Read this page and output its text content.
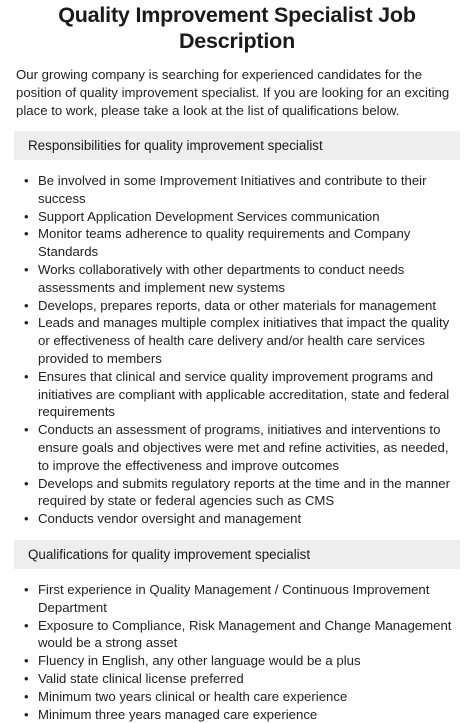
Quality Improvement Specialist Job Description

Our growing company is searching for experienced candidates for the position of quality improvement specialist. If you are looking for an exciting place to work, please take a look at the list of qualifications below.

Responsibilities for quality improvement specialist
• Be involved in some Improvement Initiatives and contribute to their success
• Support Application Development Services communication
• Monitor teams adherence to quality requirements and Company Standards
• Works collaboratively with other departments to conduct needs assessments and implement new systems
• Develops, prepares reports, data or other materials for management
• Leads and manages multiple complex initiatives that impact the quality or effectiveness of health care delivery and/or health care services provided to members
• Ensures that clinical and service quality improvement programs and initiatives are compliant with applicable accreditation, state and federal requirements
• Conducts an assessment of programs, initiatives and interventions to ensure goals and objectives were met and refine activities, as needed, to improve the effectiveness and improve outcomes
• Develops and submits regulatory reports at the time and in the manner required by state or federal agencies such as CMS
• Conducts vendor oversight and management
Qualifications for quality improvement specialist
• First experience in Quality Management / Continuous Improvement Department
• Exposure to Compliance, Risk Management and Change Management would be a strong asset
• Fluency in English, any other language would be a plus
• Valid state clinical license preferred
• Minimum two years clinical or health care experience
• Minimum three years managed care experience
